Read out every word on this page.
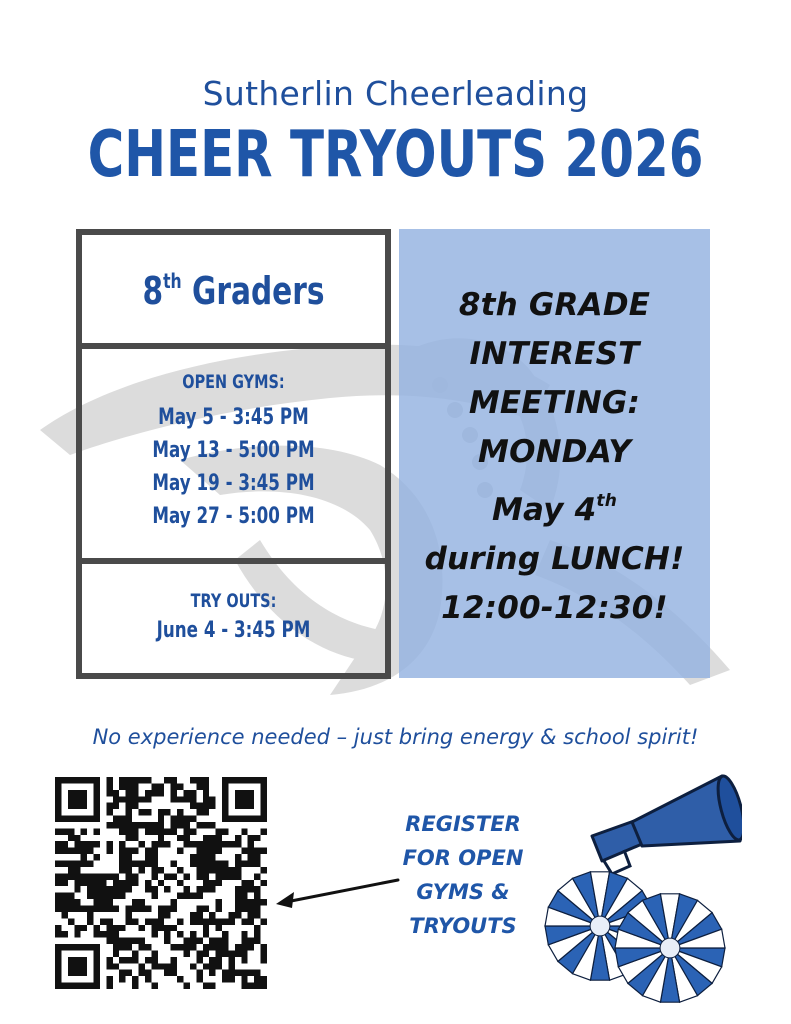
Sutherlin Cheerleading
CHEER TRYOUTS 2026
8th Graders
OPEN GYMS:
May 5 - 3:45 PM
May 13 - 5:00 PM
May 19 - 3:45 PM
May 27 - 5:00 PM
TRY OUTS:
June 4 - 3:45 PM
8th GRADE
INTEREST
MEETING:
MONDAY
May 4th
during LUNCH!
12:00-12:30!
No experience needed – just bring energy & school spirit!
REGISTER
FOR OPEN
GYMS &
TRYOUTS
